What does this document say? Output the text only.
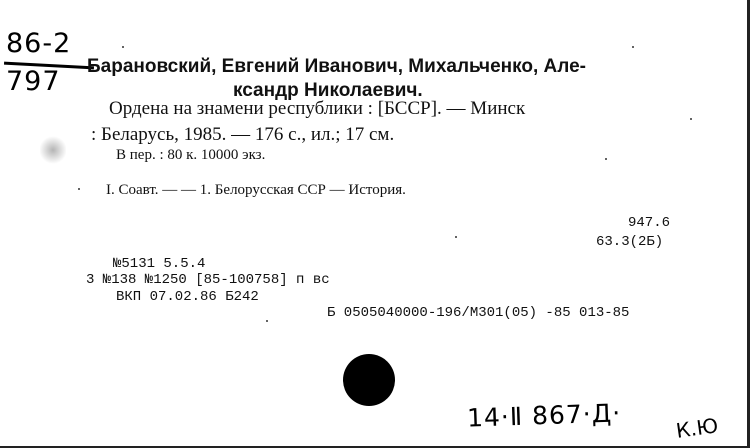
86-2
797 Барановский, Евгений Иванович, Михальченко, Але-
ксандр Николаевич.
Ордена на знамени республики : [БССР]. — Минск
: Беларусь, 1985. — 176 с., ил.; 17 см.
В пер. : 80 к. 10000 экз.
I. Соавт. — — 1. Белорусская ССР — История.
947.6
63.3(2Б)
№5131 5.5.4
3 №138 №1250 [85-100758] п вс
ВКП 07.02.86 Б242
Б 0505040000-196/М301(05) -85 013-85
14·Ⅱ 867·Д·	К.Ю
